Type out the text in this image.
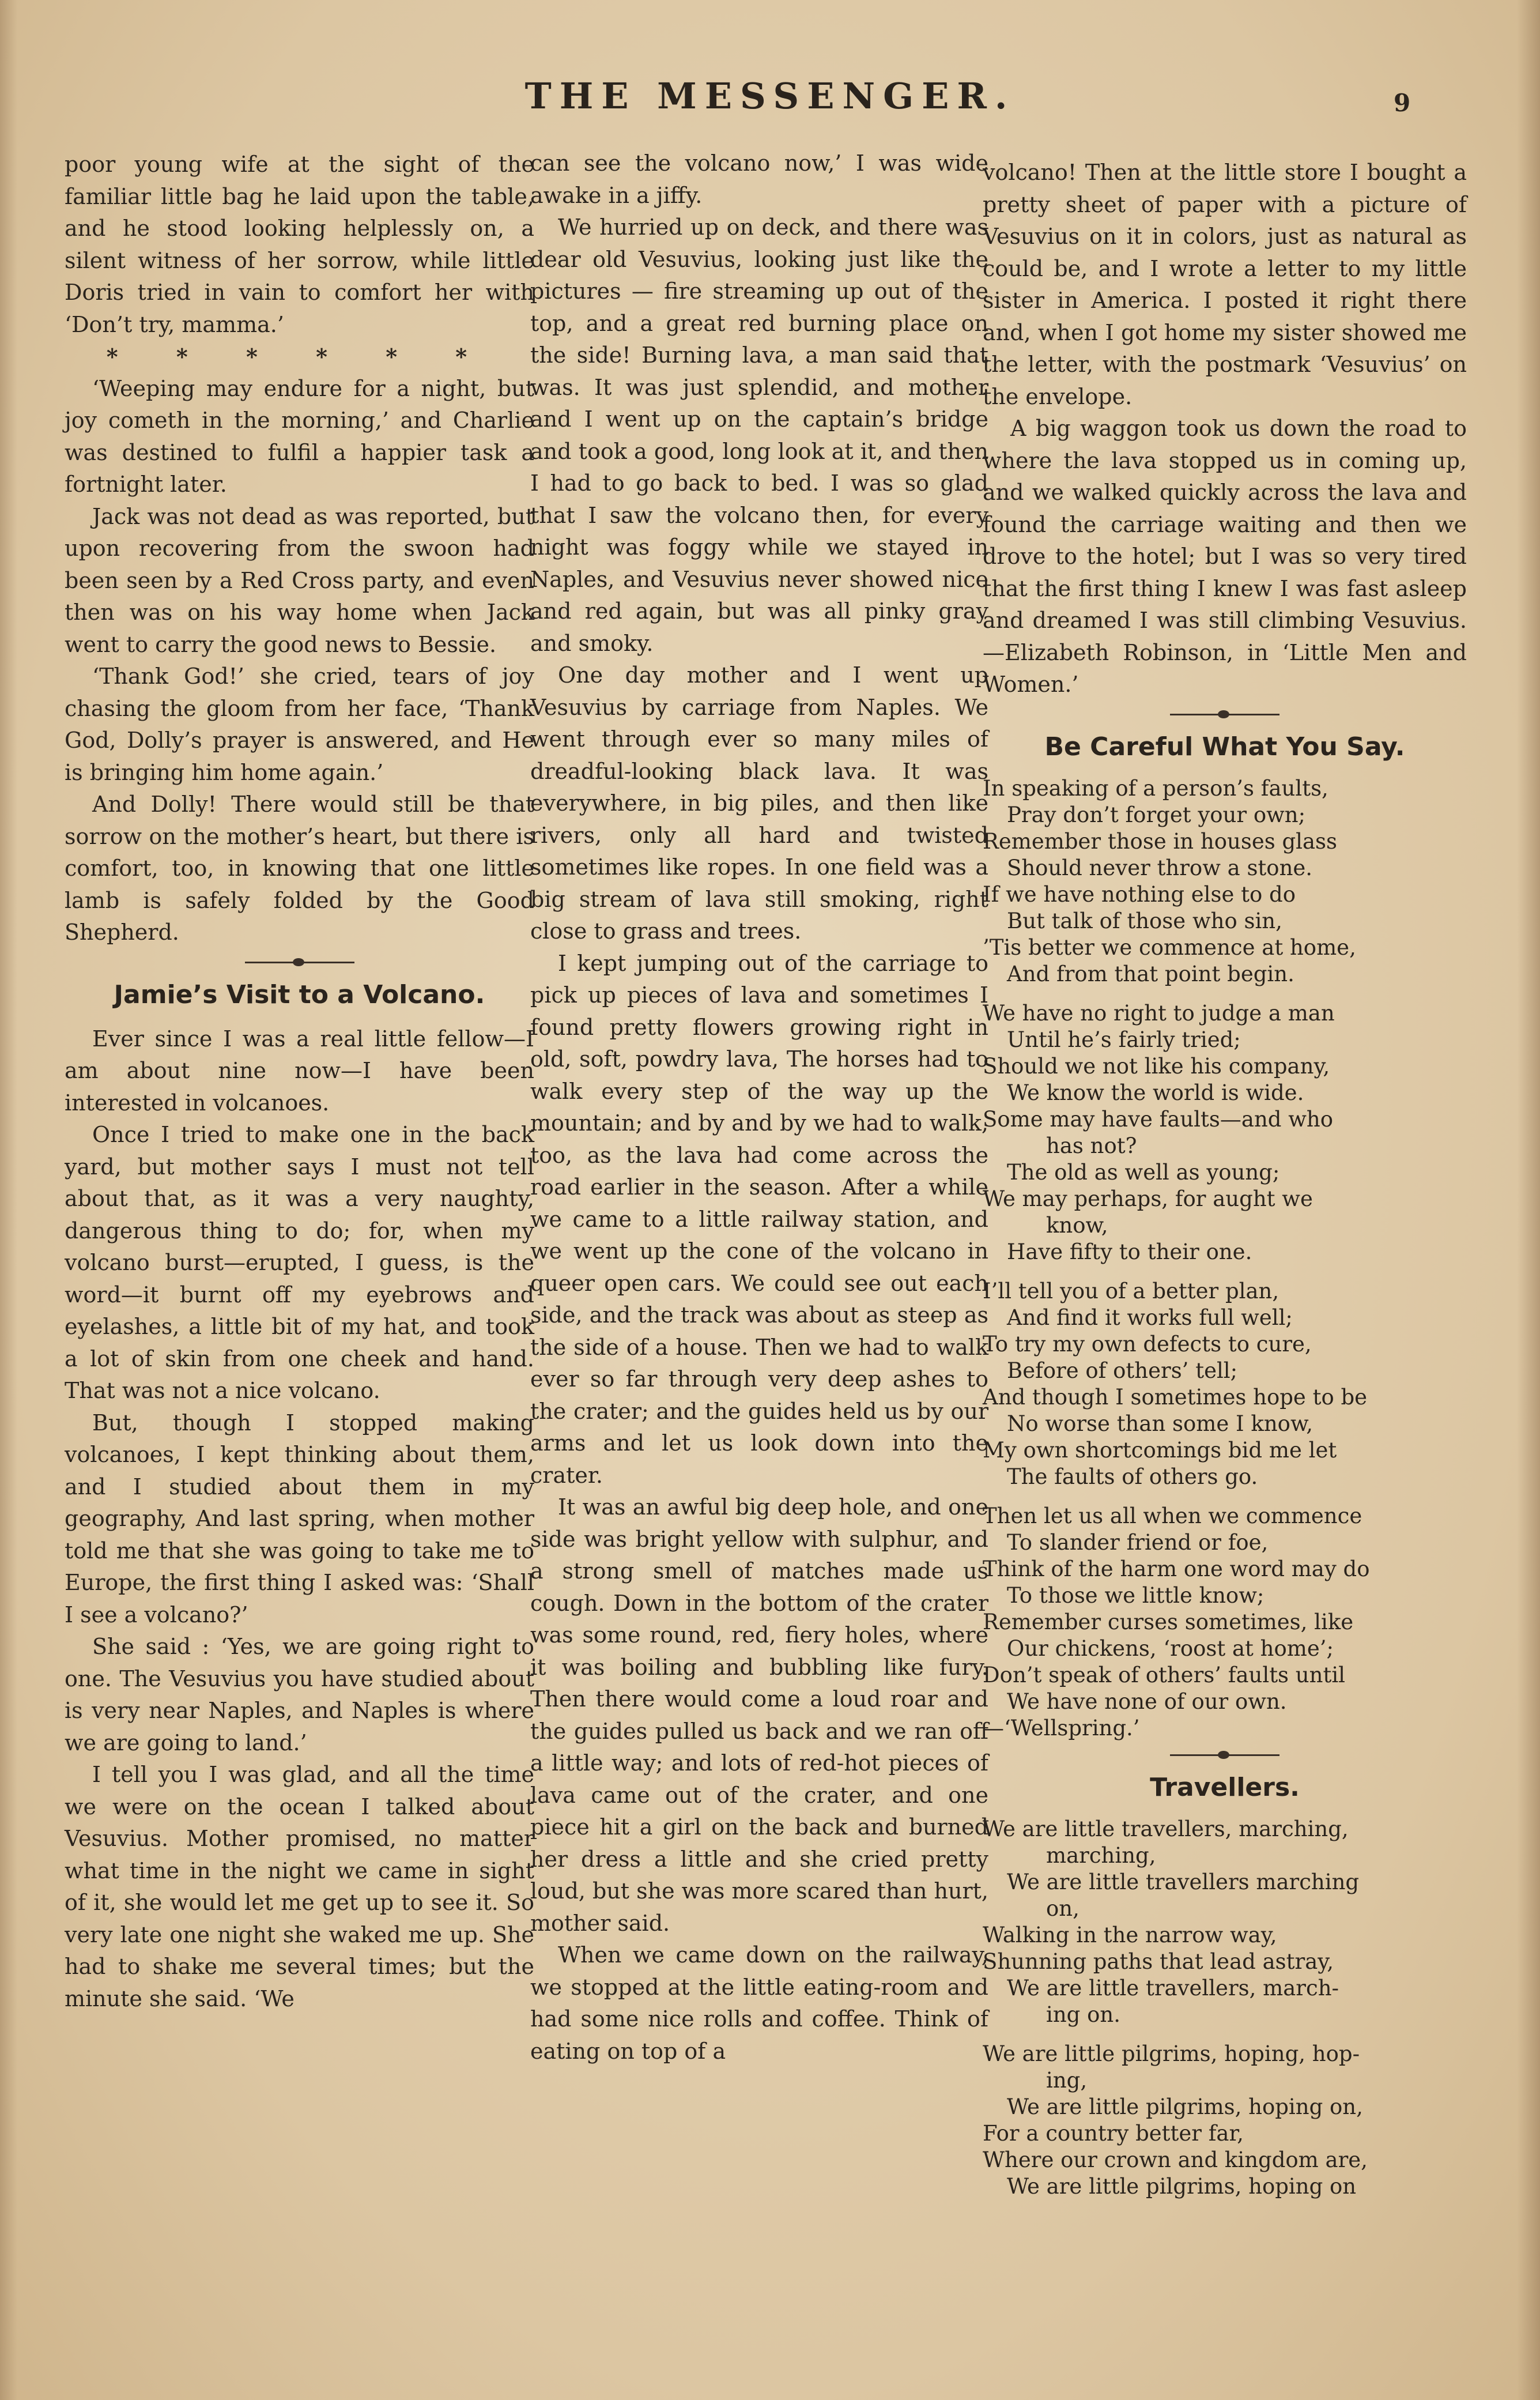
THE MESSENGER.	9

poor young wife at the sight of the familiar little bag he laid upon the table, and he stood looking helplessly on, a silent witness of her sorrow, while little Doris tried in vain to comfort her with ‘Don’t try, mamma.’

* * * * * *

‘Weeping may endure for a night, but joy cometh in the morning,’ and Charlie was destined to fulfil a happier task a fortnight later.

Jack was not dead as was reported, but upon recovering from the swoon had been seen by a Red Cross party, and even then was on his way home when Jack went to carry the good news to Bessie.

‘Thank God!’ she cried, tears of joy chasing the gloom from her face, ‘Thank God, Dolly’s prayer is answered, and He is bringing him home again.’

And Dolly! There would still be that sorrow on the mother’s heart, but there is comfort, too, in knowing that one little lamb is safely folded by the Good Shepherd.

Jamie’s Visit to a Volcano.

Ever since I was a real little fellow—I am about nine now—I have been interested in volcanoes.

Once I tried to make one in the back yard, but mother says I must not tell about that, as it was a very naughty, dangerous thing to do; for, when my volcano burst—erupted, I guess, is the word—it burnt off my eyebrows and eyelashes, a little bit of my hat, and took a lot of skin from one cheek and hand. That was not a nice volcano.

But, though I stopped making volcanoes, I kept thinking about them, and I studied about them in my geography, And last spring, when mother told me that she was going to take me to Europe, the first thing I asked was: ‘Shall I see a volcano?’

She said : ‘Yes, we are going right to one. The Vesuvius you have studied about is very near Naples, and Naples is where we are going to land.’

I tell you I was glad, and all the time we were on the ocean I talked about Vesuvius. Mother promised, no matter what time in the night we came in sight of it, she would let me get up to see it. So very late one night she waked me up. She had to shake me several times; but the minute she said. ‘We

can see the volcano now,’ I was wide awake in a jiffy.

We hurried up on deck, and there was dear old Vesuvius, looking just like the pictures — fire streaming up out of the top, and a great red burning place on the side! Burning lava, a man said that was. It was just splendid, and mother and I went up on the captain’s bridge and took a good, long look at it, and then I had to go back to bed. I was so glad that I saw the volcano then, for every night was foggy while we stayed in Naples, and Vesuvius never showed nice and red again, but was all pinky gray and smoky.

One day mother and I went up Vesuvius by carriage from Naples. We went through ever so many miles of dreadful-looking black lava. It was everywhere, in big piles, and then like rivers, only all hard and twisted sometimes like ropes. In one field was a big stream of lava still smoking, right close to grass and trees.

I kept jumping out of the carriage to pick up pieces of lava and sometimes I found pretty flowers growing right in old, soft, powdry lava, The horses had to walk every step of the way up the mountain; and by and by we had to walk, too, as the lava had come across the road earlier in the season. After a while we came to a little railway station, and we went up the cone of the volcano in queer open cars. We could see out each side, and the track was about as steep as the side of a house. Then we had to walk ever so far through very deep ashes to the crater; and the guides held us by our arms and let us look down into the crater.

It was an awful big deep hole, and one side was bright yellow with sulphur, and a strong smell of matches made us cough. Down in the bottom of the crater was some round, red, fiery holes, where it was boiling and bubbling like fury. Then there would come a loud roar and the guides pulled us back and we ran off a little way; and lots of red-hot pieces of lava came out of the crater, and one piece hit a girl on the back and burned her dress a little and she cried pretty loud, but she was more scared than hurt, mother said.

When we came down on the railway, we stopped at the little eating-room and had some nice rolls and coffee. Think of eating on top of a

volcano! Then at the little store I bought a pretty sheet of paper with a picture of Vesuvius on it in colors, just as natural as could be, and I wrote a letter to my little sister in America. I posted it right there and, when I got home my sister showed me the letter, with the postmark ‘Vesuvius’ on the envelope.

A big waggon took us down the road to where the lava stopped us in coming up, and we walked quickly across the lava and found the carriage waiting and then we drove to the hotel; but I was so very tired that the first thing I knew I was fast asleep and dreamed I was still climbing Vesuvius.—Elizabeth Robinson, in ‘Little Men and Women.’

Be Careful What You Say.
In speaking of a person’s faults,
Pray don’t forget your own;
Remember those in houses glass
Should never throw a stone.
If we have nothing else to do
But talk of those who sin,
’Tis better we commence at home,
And from that point begin.
We have no right to judge a man
Until he’s fairly tried;
Should we not like his company,
We know the world is wide.
Some may have faults—and who
has not?
The old as well as young;
We may perhaps, for aught we
know,
Have fifty to their one.
I’ll tell you of a better plan,
And find it works full well;
To try my own defects to cure,
Before of others’ tell;
And though I sometimes hope to be
No worse than some I know,
My own shortcomings bid me let
The faults of others go.
Then let us all when we commence
To slander friend or foe,
Think of the harm one word may do
To those we little know;
Remember curses sometimes, like
Our chickens, ‘roost at home’;
Don’t speak of others’ faults until
We have none of our own.
—‘Wellspring.’
Travellers.
We are little travellers, marching,
marching,
We are little travellers marching
on,
Walking in the narrow way,
Shunning paths that lead astray,
We are little travellers, march-
ing on.
We are little pilgrims, hoping, hop-
ing,
We are little pilgrims, hoping on,
For a country better far,
Where our crown and kingdom are,
We are little pilgrims, hoping on
